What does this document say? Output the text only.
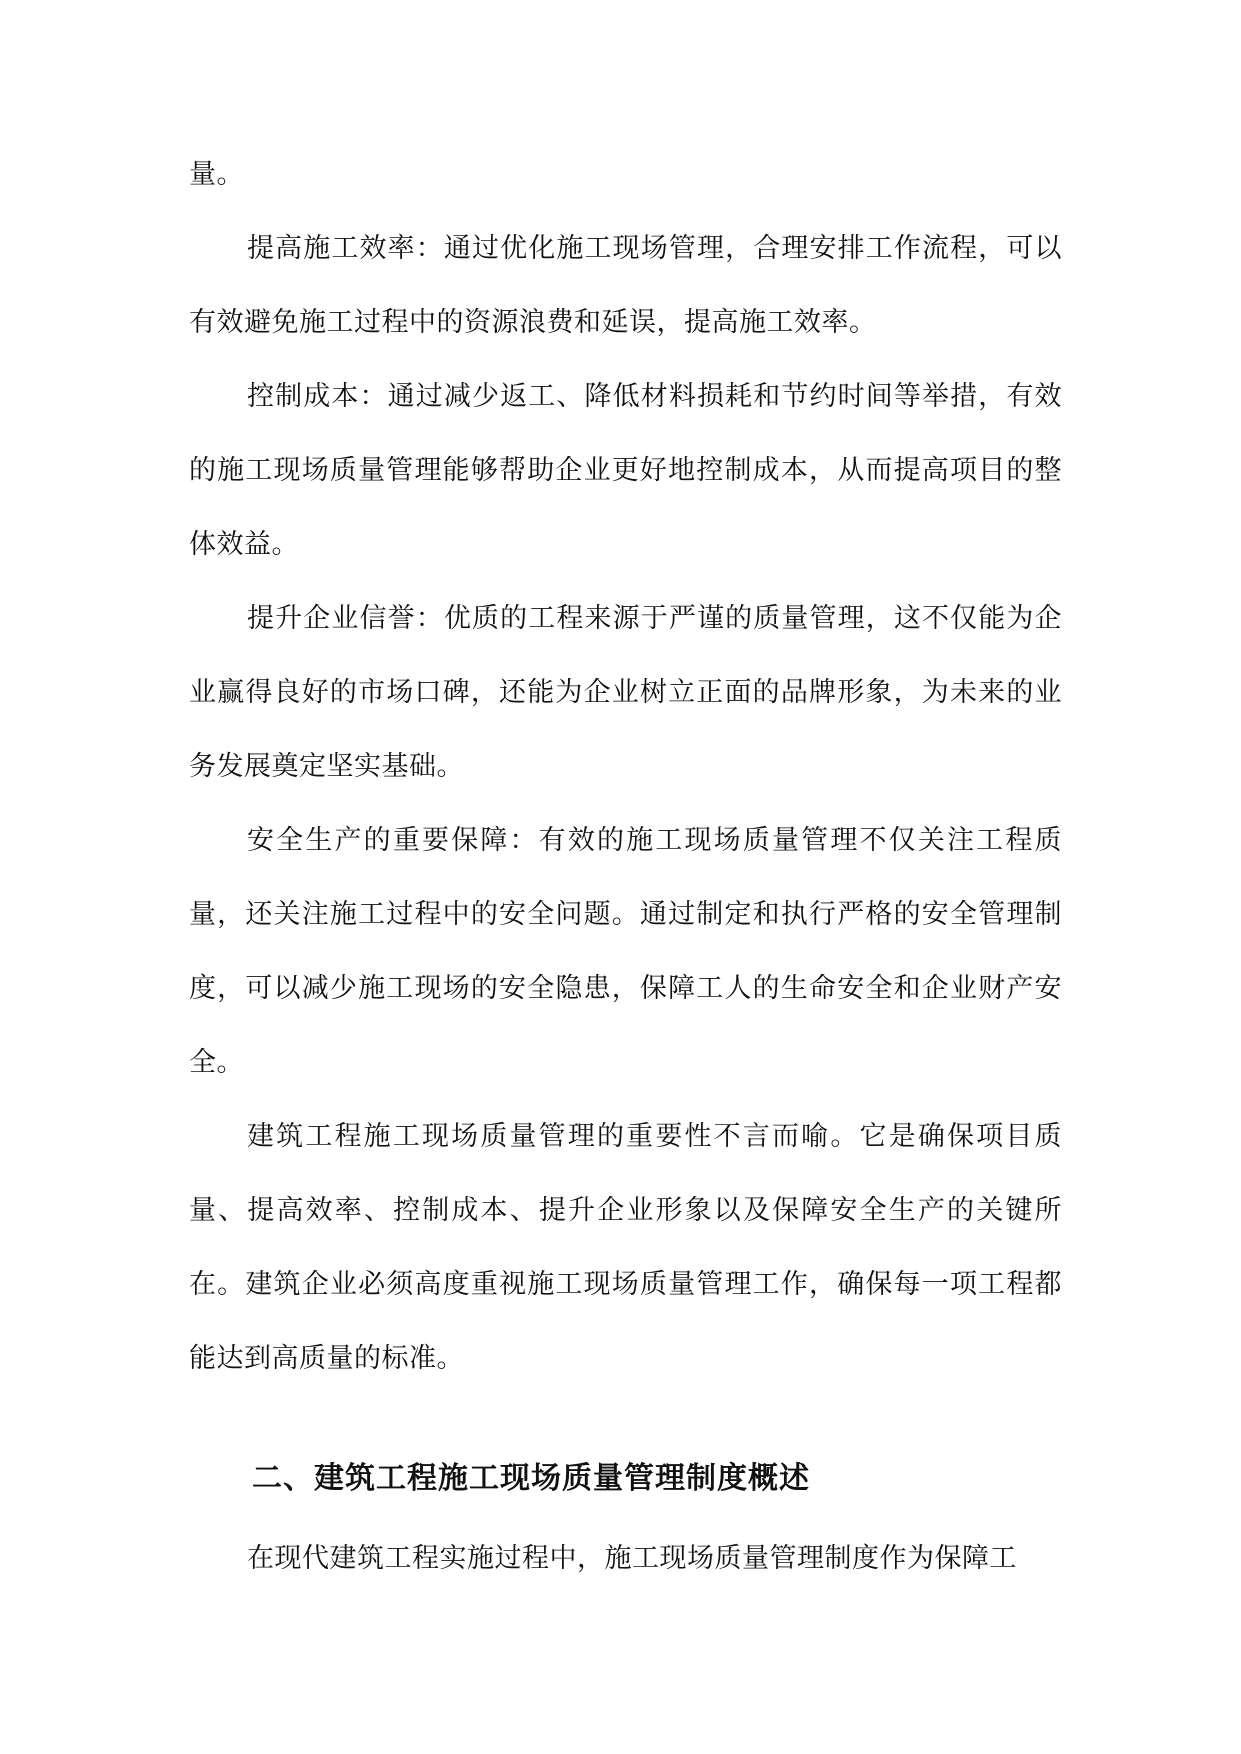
量。

提高施工效率：通过优化施工现场管理，合理安排工作流程，可以有效避免施工过程中的资源浪费和延误，提高施工效率。

控制成本：通过减少返工、降低材料损耗和节约时间等举措，有效的施工现场质量管理能够帮助企业更好地控制成本，从而提高项目的整体效益。

提升企业信誉：优质的工程来源于严谨的质量管理，这不仅能为企业赢得良好的市场口碑，还能为企业树立正面的品牌形象，为未来的业务发展奠定坚实基础。

安全生产的重要保障：有效的施工现场质量管理不仅关注工程质量，还关注施工过程中的安全问题。通过制定和执行严格的安全管理制度，可以减少施工现场的安全隐患，保障工人的生命安全和企业财产安全。

建筑工程施工现场质量管理的重要性不言而喻。它是确保项目质量、提高效率、控制成本、提升企业形象以及保障安全生产的关键所在。建筑企业必须高度重视施工现场质量管理工作，确保每一项工程都能达到高质量的标准。

二、建筑工程施工现场质量管理制度概述

在现代建筑工程实施过程中，施工现场质量管理制度作为保障工
